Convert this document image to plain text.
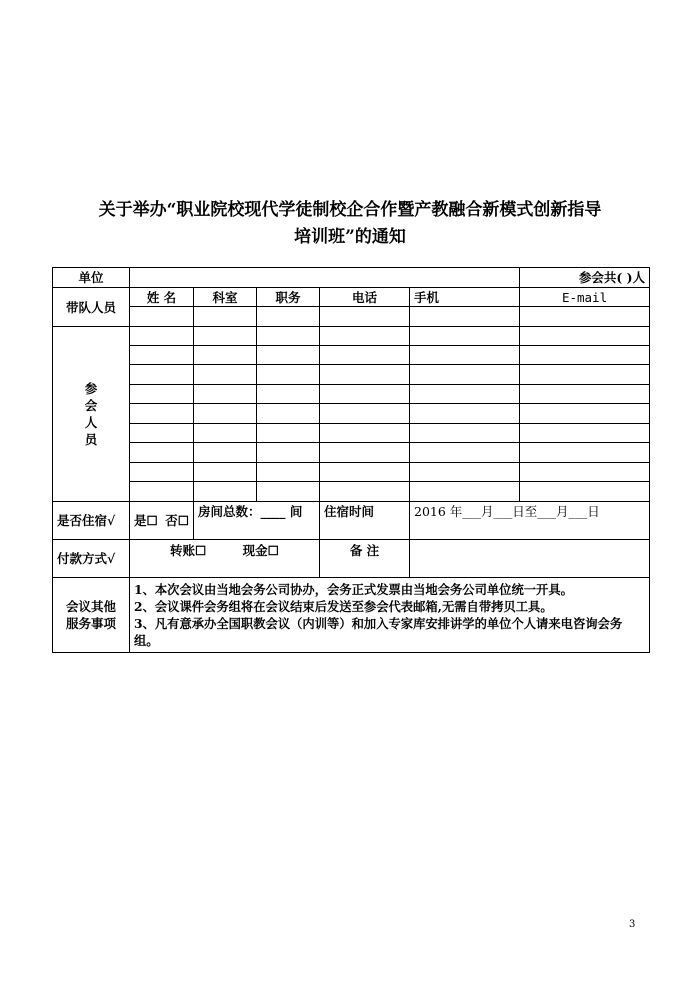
关于举办“职业院校现代学徒制校企合作暨产教融合新模式创新指导
培训班”的通知
单位						参会共( )人
带队人员	姓 名	科室	职务	电话	手机	E-mail

参
会
人
员						

是否住宿√	是☐ 否☐	房间总数：____ 间		住宿时间	2016 年___月___日至___月___日	
付款方式√	转账☐ 现金☐			备 注		
会议其他服务事项	1、本次会议由当地会务公司协办，会务正式发票由当地会务公司单位统一开具。
2、会议课件会务组将在会议结束后发送至参会代表邮箱,无需自带拷贝工具。
3、凡有意承办全国职教会议（内训等）和加入专家库安排讲学的单位个人请来电咨询会务组。					
3
